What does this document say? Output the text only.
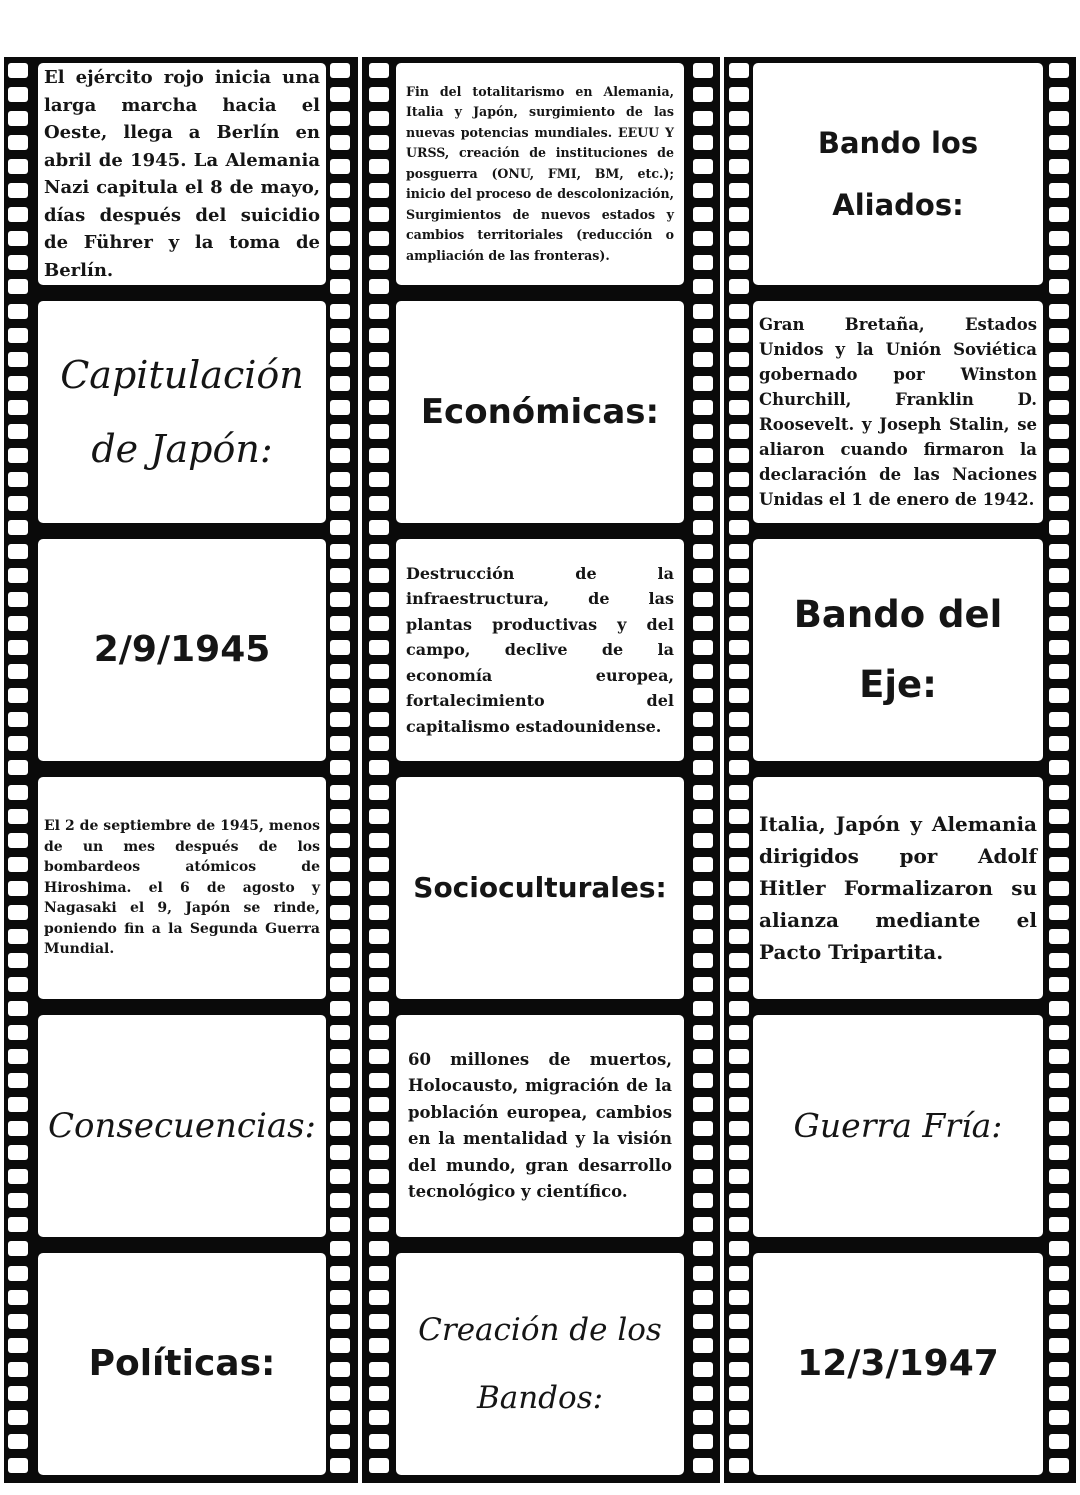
El ejército rojo inicia una larga marcha hacia el Oeste, llega a Berlín en abril de 1945. La Alemania Nazi capitula el 8 de mayo, días después del suicidio de Führer y la toma de Berlín.

Capitulación de Japón:

2/9/1945

El 2 de septiembre de 1945, menos de un mes después de los bombardeos atómicos de Hiroshima. el 6 de agosto y Nagasaki el 9, Japón se rinde, poniendo fin a la Segunda Guerra Mundial.

Consecuencias:

Políticas:

Fin del totalitarismo en Alemania, Italia y Japón, surgimiento de las nuevas potencias mundiales. EEUU Y URSS, creación de instituciones de posguerra (ONU, FMI, BM, etc.); inicio del proceso de descolonización, Surgimientos de nuevos estados y cambios territoriales (reducción o ampliación de las fronteras).

Económicas:

Destrucción de la infraestructura, de las plantas productivas y del campo, declive de la economía europea, fortalecimiento del capitalismo estadounidense.

Socioculturales:

60 millones de muertos, Holocausto, migración de la población europea, cambios en la mentalidad y la visión del mundo, gran desarrollo tecnológico y científico.

Creación de los Bandos:

Bando los Aliados:

Gran Bretaña, Estados Unidos y la Unión Soviética gobernado por Winston Churchill, Franklin D. Roosevelt. y Joseph Stalin, se aliaron cuando firmaron la declaración de las Naciones Unidas el 1 de enero de 1942.

Bando del Eje:

Italia, Japón y Alemania dirigidos por Adolf Hitler Formalizaron su alianza mediante el Pacto Tripartita.

Guerra Fría:

12/3/1947
